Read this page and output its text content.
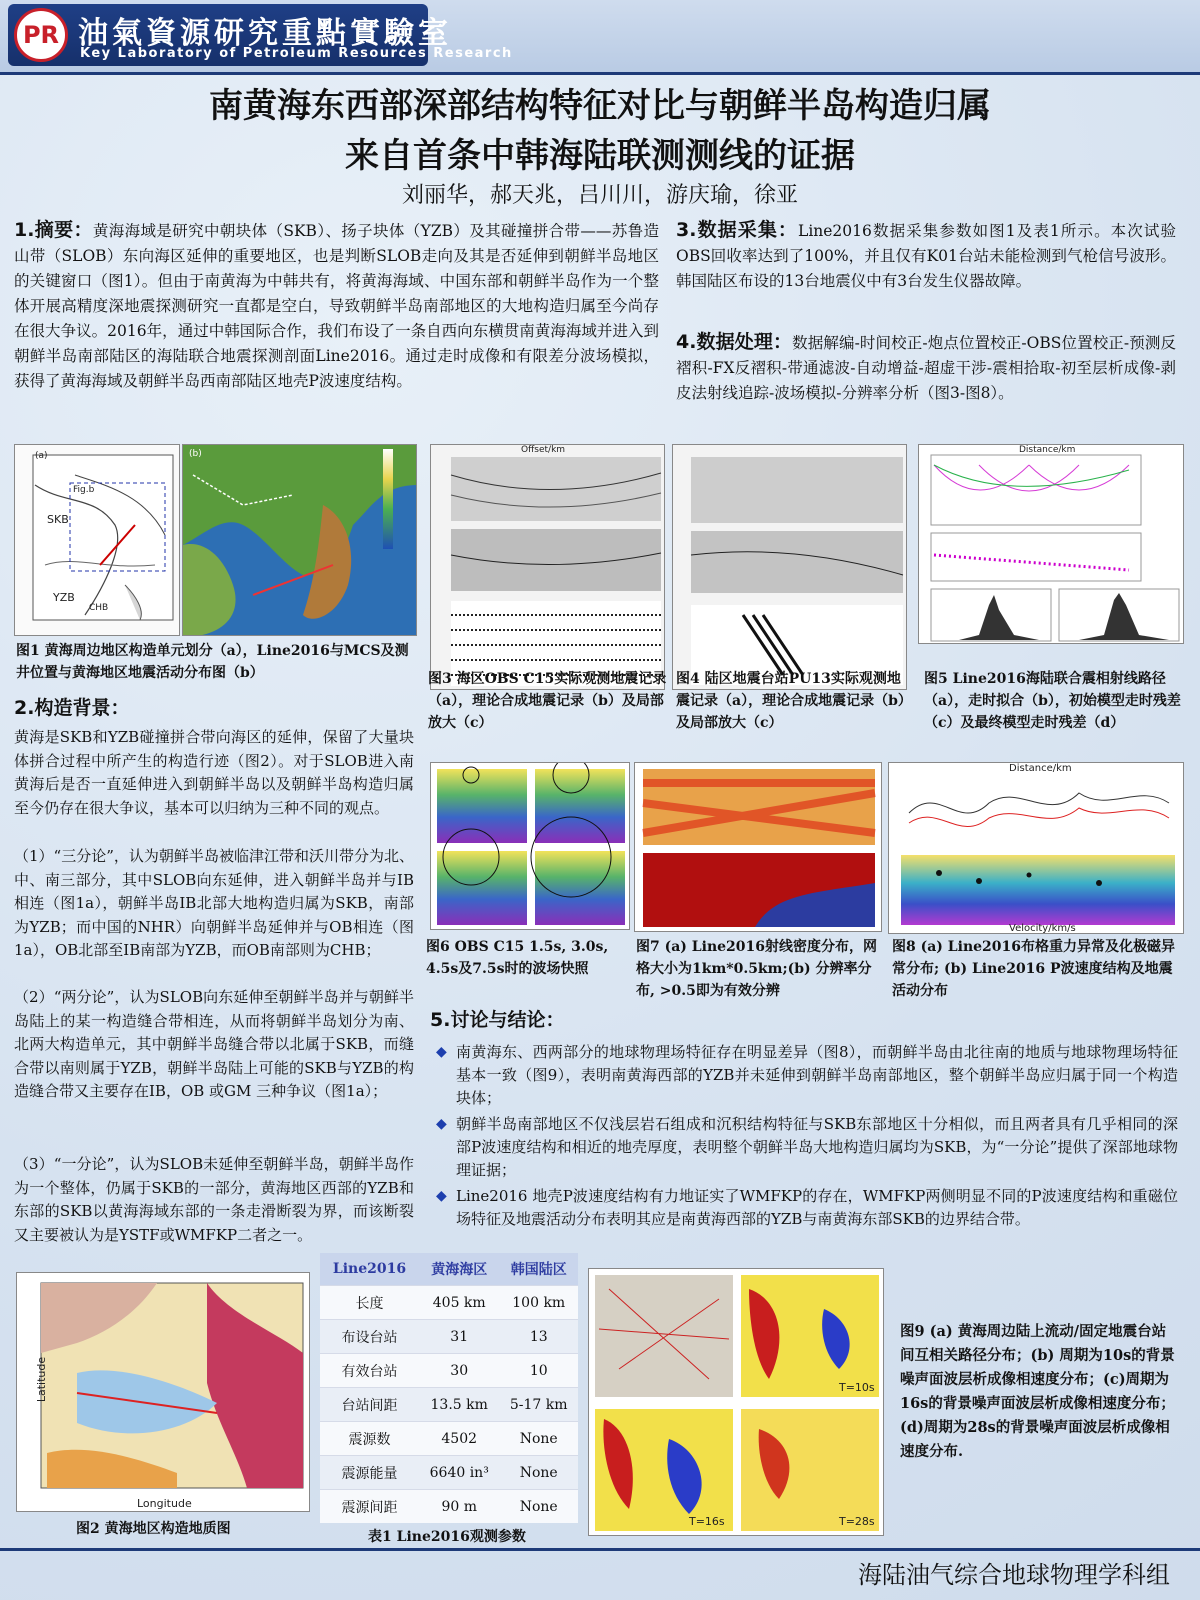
PR 油氣資源研究重點實驗室
Key Laboratory of Petroleum Resources Research
南黄海东西部深部结构特征对比与朝鲜半岛构造归属
来自首条中韩海陆联测测线的证据
刘丽华，郝天兆，吕川川，游庆瑜，徐亚
1.摘要：黄海海域是研究中朝块体（SKB）、扬子块体（YZB）及其碰撞拼合带——苏鲁造山带（SLOB）东向海区延伸的重要地区，也是判断SLOB走向及其是否延伸到朝鲜半岛地区的关键窗口（图1）。但由于南黄海为中韩共有，将黄海海域、中国东部和朝鲜半岛作为一个整体开展高精度深地震探测研究一直都是空白，导致朝鲜半岛南部地区的大地构造归属至今尚存在很大争议。2016年，通过中韩国际合作，我们布设了一条自西向东横贯南黄海海域并进入到朝鲜半岛南部陆区的海陆联合地震探测剖面Line2016。通过走时成像和有限差分波场模拟，获得了黄海海域及朝鲜半岛西南部陆区地壳P波速度结构。
3.数据采集：Line2016数据采集参数如图1及表1所示。本次试验OBS回收率达到了100%，并且仅有K01台站未能检测到气枪信号波形。韩国陆区布设的13台地震仪中有3台发生仪器故障。
4.数据处理：数据解编-时间校正-炮点位置校正-OBS位置校正-预测反褶积-FX反褶积-带通滤波-自动增益-超虚干涉-震相拾取-初至层析成像-剥皮法射线追踪-波场模拟-分辨率分析（图3-图8）。
(a)
Fig.b
SKB
YZB
CHB
(b)
图1 黄海周边地区构造单元划分（a），Line2016与MCS及测井位置与黄海地区地震活动分布图（b）
2.构造背景：
黄海是SKB和YZB碰撞拼合带向海区的延伸，保留了大量块体拼合过程中所产生的构造行迹（图2）。对于SLOB进入南黄海后是否一直延伸进入到朝鲜半岛以及朝鲜半岛构造归属至今仍存在很大争议，基本可以归纳为三种不同的观点。
（1）“三分论”，认为朝鲜半岛被临津江带和沃川带分为北、中、南三部分，其中SLOB向东延伸，进入朝鲜半岛并与IB相连（图1a），朝鲜半岛IB北部大地构造归属为SKB，南部为YZB；而中国的NHR）向朝鲜半岛延伸并与OB相连（图1a），OB北部至IB南部为YZB，而OB南部则为CHB；
（2）“两分论”，认为SLOB向东延伸至朝鲜半岛并与朝鲜半岛陆上的某一构造缝合带相连，从而将朝鲜半岛划分为南、北两大构造单元，其中朝鲜半岛缝合带以北属于SKB，而缝合带以南则属于YZB，朝鲜半岛陆上可能的SKB与YZB的构造缝合带又主要存在IB，OB 或GM 三种争议（图1a）；
（3）“一分论”，认为SLOB未延伸至朝鲜半岛，朝鲜半岛作为一个整体，仍属于SKB的一部分，黄海地区西部的YZB和东部的SKB以黄海海域东部的一条走滑断裂为界，而该断裂又主要被认为是YSTF或WMFKP二者之一。
Offset/km
图3 海区OBS C15实际观测地震记录（a），理论合成地震记录（b）及局部放大（c）
图4 陆区地震台站PU13实际观测地震记录（a），理论合成地震记录（b）及局部放大（c）
Distance/km
图5 Line2016海陆联合震相射线路径（a），走时拟合（b），初始模型走时残差（c）及最终模型走时残差（d）
图6 OBS C15 1.5s, 3.0s, 4.5s及7.5s时的波场快照
图7 (a) Line2016射线密度分布，网格大小为1km*0.5km;(b) 分辨率分布, >0.5即为有效分辨
Distance/km
Velocity/km/s
图8 (a) Line2016布格重力异常及化极磁异常分布; (b) Line2016 P波速度结构及地震活动分布
5.讨论与结论：
◆ 南黄海东、西两部分的地球物理场特征存在明显差异（图8），而朝鲜半岛由北往南的地质与地球物理场特征基本一致（图9），表明南黄海西部的YZB并未延伸到朝鲜半岛南部地区，整个朝鲜半岛应归属于同一个构造块体；
◆ 朝鲜半岛南部地区不仅浅层岩石组成和沉积结构特征与SKB东部地区十分相似，而且两者具有几乎相同的深部P波速度结构和相近的地壳厚度，表明整个朝鲜半岛大地构造归属均为SKB，为“一分论”提供了深部地球物理证据；
◆ Line2016 地壳P波速度结构有力地证实了WMFKP的存在，WMFKP两侧明显不同的P波速度结构和重磁位场特征及地震活动分布表明其应是南黄海西部的YZB与南黄海东部SKB的边界结合带。
Longitude
Latitude
图2 黄海地区构造地质图
Line2016	黄海海区	韩国陆区
长度	405 km	100 km
布设台站	31	13
有效台站	30	10
台站间距	13.5 km	5-17 km
震源数	4502	None
震源能量	6640 in³	None
震源间距	90 m	None
表1 Line2016观测参数
T=10s
T=16s	T=28s
图9 (a) 黄海周边陆上流动/固定地震台站间互相关路径分布；(b) 周期为10s的背景噪声面波层析成像相速度分布；(c)周期为16s的背景噪声面波层析成像相速度分布；(d)周期为28s的背景噪声面波层析成像相速度分布.
海陆油气综合地球物理学科组
